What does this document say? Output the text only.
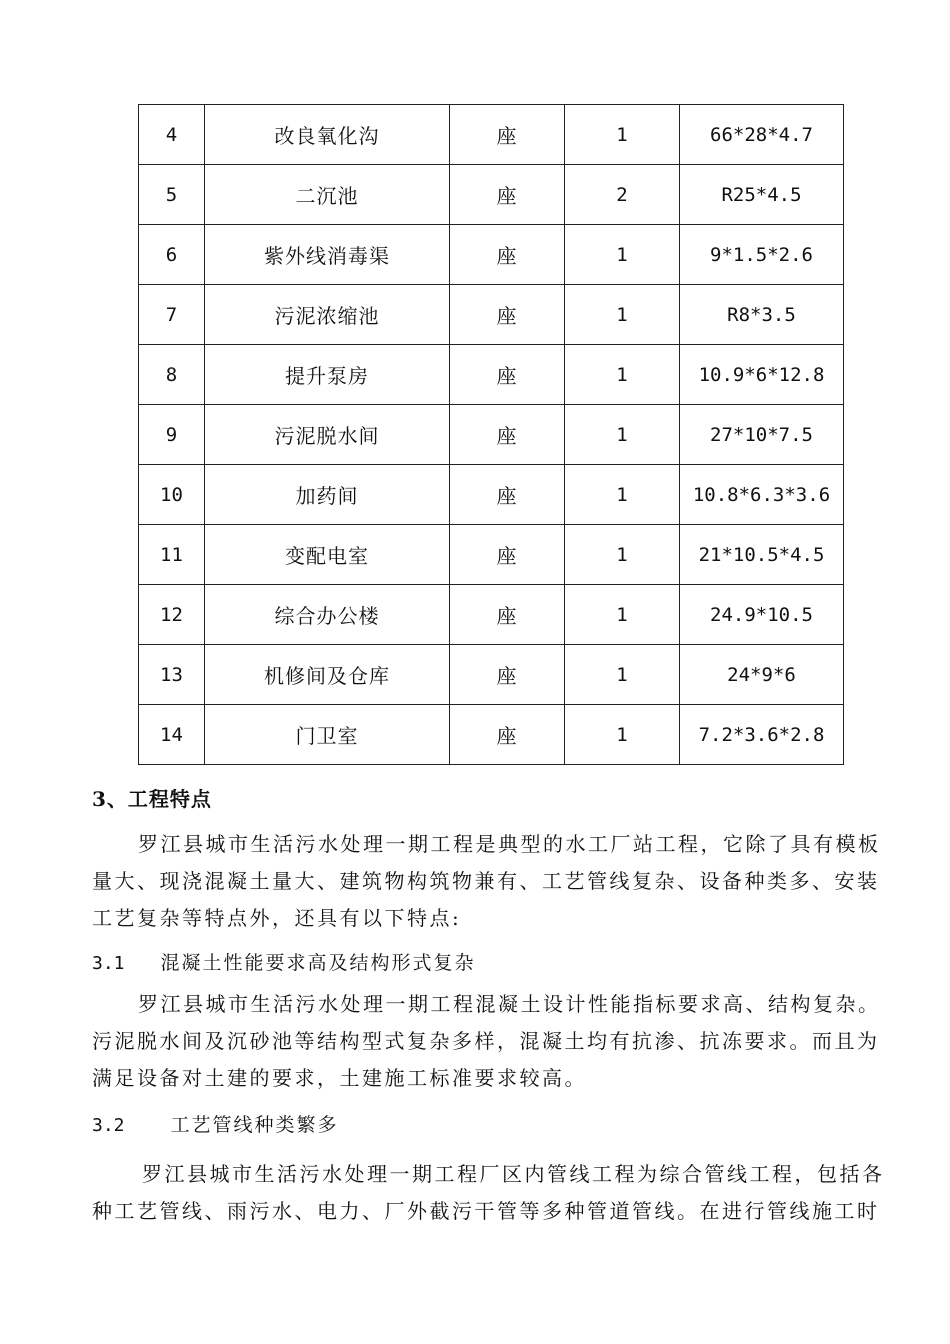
4	改良氧化沟	座	1	66*28*4.7
5	二沉池	座	2	R25*4.5
6	紫外线消毒渠	座	1	9*1.5*2.6
7	污泥浓缩池	座	1	R8*3.5
8	提升泵房	座	1	10.9*6*12.8
9	污泥脱水间	座	1	27*10*7.5
10	加药间	座	1	10.8*6.3*3.6
11	变配电室	座	1	21*10.5*4.5
12	综合办公楼	座	1	24.9*10.5
13	机修间及仓库	座	1	24*9*6
14	门卫室	座	1	7.2*3.6*2.8
3、工程特点

罗江县城市生活污水处理一期工程是典型的水工厂站工程，它除了具有模板量大、现浇混凝土量大、建筑物构筑物兼有、工艺管线复杂、设备种类多、安装工艺复杂等特点外，还具有以下特点:

3.1 混凝土性能要求高及结构形式复杂

罗江县城市生活污水处理一期工程混凝土设计性能指标要求高、结构复杂。污泥脱水间及沉砂池等结构型式复杂多样，混凝土均有抗渗、抗冻要求。而且为满足设备对土建的要求，土建施工标准要求较高。

3.2 工艺管线种类繁多

罗江县城市生活污水处理一期工程厂区内管线工程为综合管线工程，包括各种工艺管线、雨污水、电力、厂外截污干管等多种管道管线。在进行管线施工时
